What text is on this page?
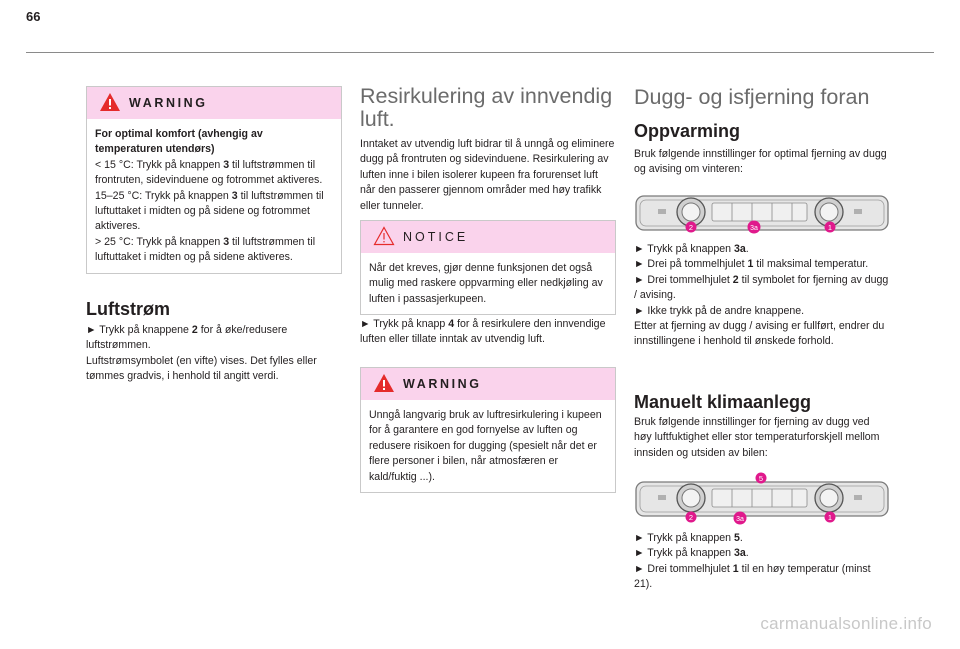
66
WARNING

For optimal komfort (avhengig av temperaturen utendørs)

< 15 °C: Trykk på knappen 3 til luftstrømmen til frontruten, sidevinduene og fotrommet aktiveres.

15–25 °C: Trykk på knappen 3 til luftstrømmen til luftuttaket i midten og på sidene og fotrommet aktiveres.

> 25 °C: Trykk på knappen 3 til luftstrømmen til luftuttaket i midten og på sidene aktiveres.

Luftstrøm

► Trykk på knappene 2 for å øke/redusere luftstrømmen.

Luftstrømsymbolet (en vifte) vises. Det fylles eller tømmes gradvis, i henhold til angitt verdi.

Resirkulering av innvendig luft.

Inntaket av utvendig luft bidrar til å unngå og eliminere dugg på frontruten og sidevinduene. Resirkulering av luften inne i bilen isolerer kupeen fra forurenset luft når den passerer gjennom områder med høy trafikk eller tunneler.

NOTICE

Når det kreves, gjør denne funksjonen det også mulig med raskere oppvarming eller nedkjøling av luften i passasjerkupeen.

► Trykk på knapp 4 for å resirkulere den innvendige luften eller tillate inntak av utvendig luft.

WARNING

Unngå langvarig bruk av luftresirkulering i kupeen for å garantere en god fornyelse av luften og redusere risikoen for dugging (spesielt når det er flere personer i bilen, når atmosfæren er kald/fuktig ...).

Dugg- og isfjerning foran
Oppvarming

Bruk følgende innstillinger for optimal fjerning av dugg og avising om vinteren:

2	3a	1

► Trykk på knappen 3a.

► Drei på tommelhjulet 1 til maksimal temperatur.

► Drei tommelhjulet 2 til symbolet for fjerning av dugg / avising.

► Ikke trykk på de andre knappene.

Etter at fjerning av dugg / avising er fullført, endrer du innstillingene i henhold til ønskede forhold.

Manuelt klimaanlegg

Bruk følgende innstillinger for fjerning av dugg ved høy luftfuktighet eller stor temperaturforskjell mellom innsiden og utsiden av bilen:

5
2	3a	1

► Trykk på knappen 5.

► Trykk på knappen 3a.

► Drei tommelhjulet 1 til en høy temperatur (minst 21).

carmanualsonline.info
